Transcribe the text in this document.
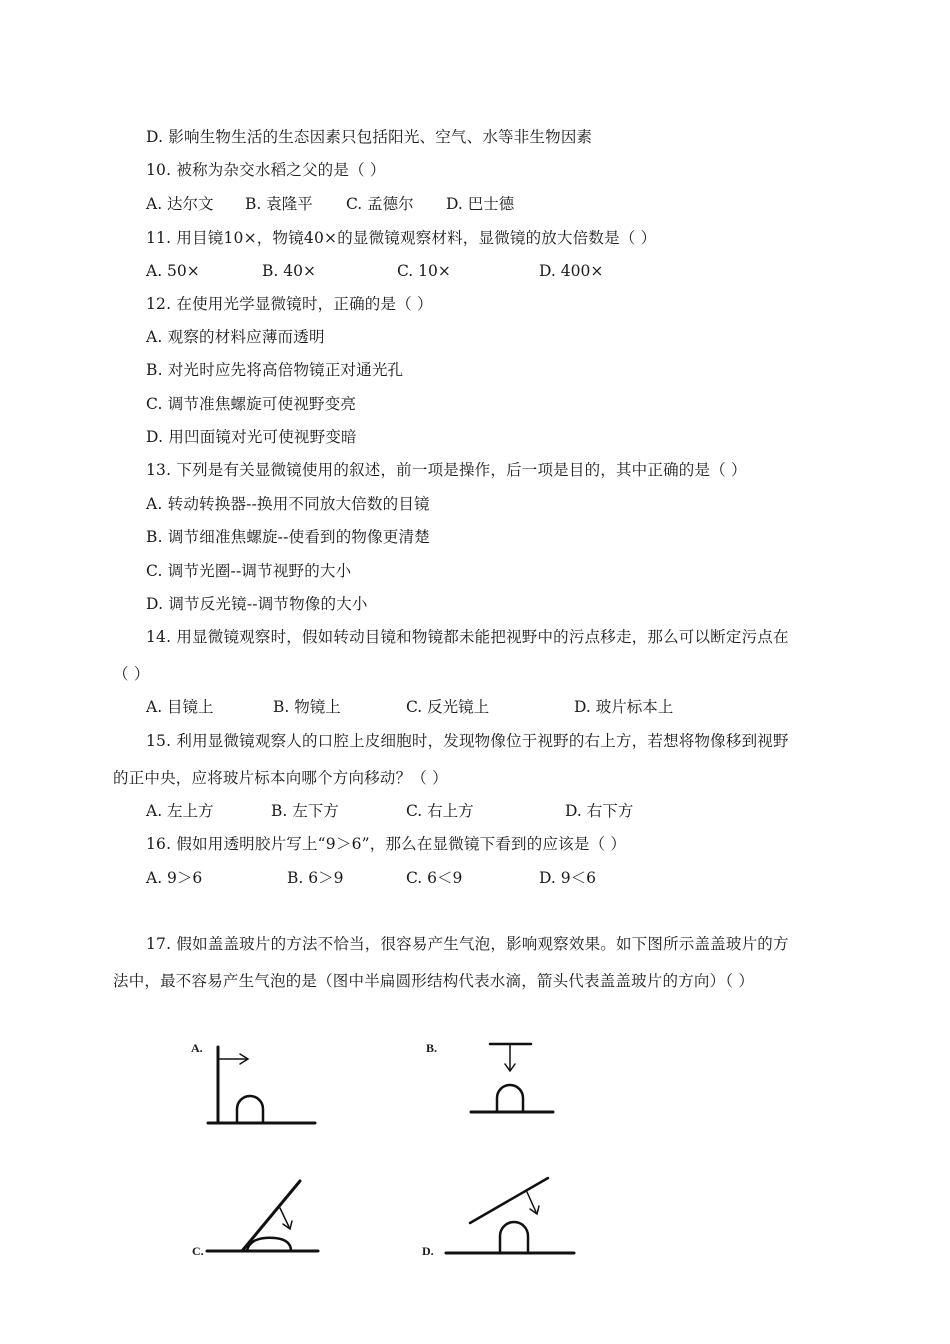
D. 影响生物生活的生态因素只包括阳光、空气、水等非生物因素
10. 被称为杂交水稻之父的是（ ）
A. 达尔文 B. 袁隆平 C. 孟德尔 D. 巴士德
11. 用目镜10×，物镜40×的显微镜观察材料，显微镜的放大倍数是（ ）
A. 50×	B. 40×	C. 10×	D. 400×
12. 在使用光学显微镜时，正确的是（ ）
A. 观察的材料应薄而透明
B. 对光时应先将高倍物镜正对通光孔
C. 调节准焦螺旋可使视野变亮
D. 用凹面镜对光可使视野变暗
13. 下列是有关显微镜使用的叙述，前一项是操作，后一项是目的，其中正确的是（ ）
A. 转动转换器--换用不同放大倍数的目镜
B. 调节细准焦螺旋--使看到的物像更清楚
C. 调节光圈--调节视野的大小
D. 调节反光镜--调节物像的大小
14. 用显微镜观察时，假如转动目镜和物镜都未能把视野中的污点移走，那么可以断定污点在
（ ）
A. 目镜上	B. 物镜上	C. 反光镜上	D. 玻片标本上
15. 利用显微镜观察人的口腔上皮细胞时，发现物像位于视野的右上方，若想将物像移到视野
的正中央，应将玻片标本向哪个方向移动？（ ）
A. 左上方	B. 左下方	C. 右上方	D. 右下方
16. 假如用透明胶片写上“9＞6”，那么在显微镜下看到的应该是（ ）
A. 9＞6	B. 6＞9	C. 6＜9	D. 9＜6
17. 假如盖盖玻片的方法不恰当，很容易产生气泡，影响观察效果。如下图所示盖盖玻片的方
法中，最不容易产生气泡的是（图中半扁圆形结构代表水滴，箭头代表盖盖玻片的方向）（ ）
A.	B.
C.	D.
